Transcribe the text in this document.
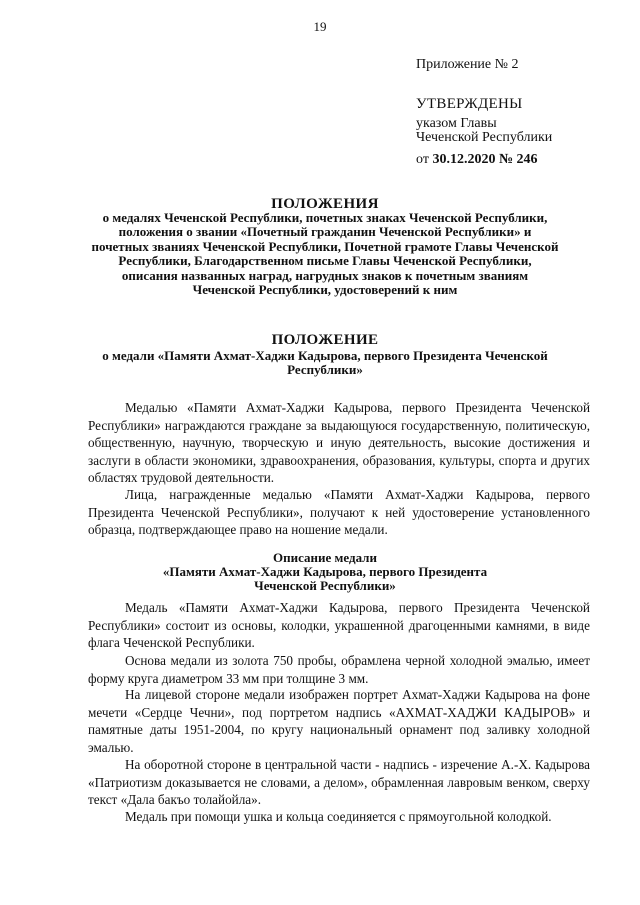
19
Приложение № 2
УТВЕРЖДЕНЫ
указом Главы
Чеченской Республики
от 30.12.2020 № 246
ПОЛОЖЕНИЯ
о медалях Чеченской Республики, почетных знаках Чеченской Республики, положения о звании «Почетный гражданин Чеченской Республики» и почетных званиях Чеченской Республики, Почетной грамоте Главы Чеченской Республики, Благодарственном письме Главы Чеченской Республики, описания названных наград, нагрудных знаков к почетным званиям Чеченской Республики, удостоверений к ним
ПОЛОЖЕНИЕ
о медали «Памяти Ахмат-Хаджи Кадырова, первого Президента Чеченской Республики»
Медалью «Памяти Ахмат-Хаджи Кадырова, первого Президента Чеченской Республики» награждаются граждане за выдающуюся государственную, политическую, общественную, научную, творческую и иную деятельность, высокие достижения и заслуги в области экономики, здравоохранения, образования, культуры, спорта и других областях трудовой деятельности.
Лица, награжденные медалью «Памяти Ахмат-Хаджи Кадырова, первого Президента Чеченской Республики», получают к ней удостоверение установленного образца, подтверждающее право на ношение медали.
Описание медали
«Памяти Ахмат-Хаджи Кадырова, первого Президента
Чеченской Республики»
Медаль «Памяти Ахмат-Хаджи Кадырова, первого Президента Чеченской Республики» состоит из основы, колодки, украшенной драгоценными камнями, в виде флага Чеченской Республики.
Основа медали из золота 750 пробы, обрамлена черной холодной эмалью, имеет форму круга диаметром 33 мм при толщине 3 мм.
На лицевой стороне медали изображен портрет Ахмат-Хаджи Кадырова на фоне мечети «Сердце Чечни», под портретом надпись «АХМАТ-ХАДЖИ КАДЫРОВ» и памятные даты 1951-2004, по кругу национальный орнамент под заливку холодной эмалью.
На оборотной стороне в центральной части - надпись - изречение А.-Х. Кадырова «Патриотизм доказывается не словами, а делом», обрамленная лавровым венком, сверху текст «Дала бакъо толайойла».
Медаль при помощи ушка и кольца соединяется с прямоугольной колодкой.
